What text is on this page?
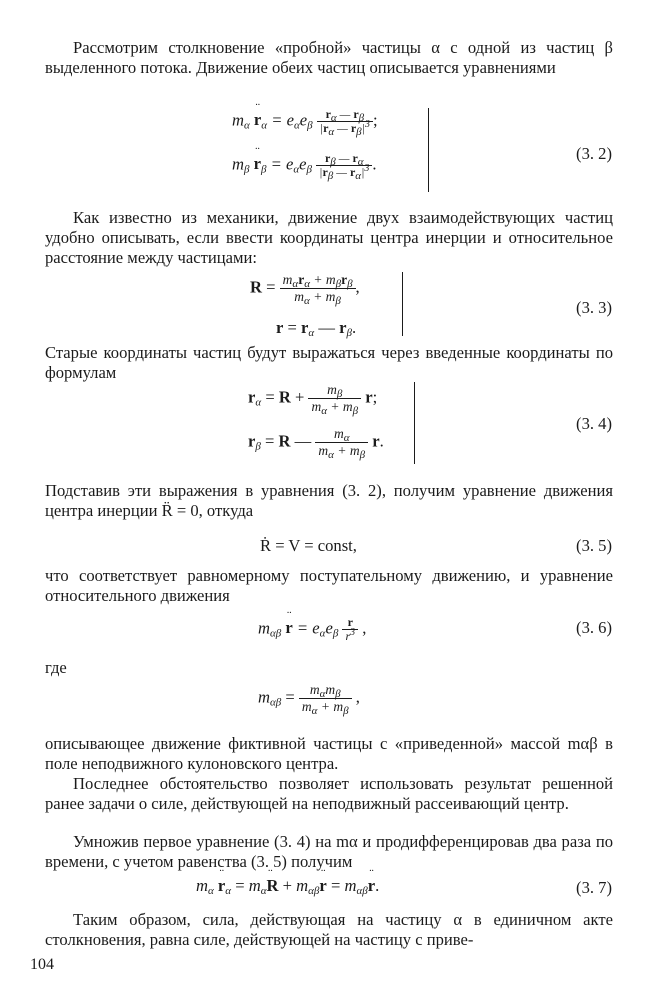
Рассмотрим столкновение «пробной» частицы α с одной из частиц β выделенного потока. Движение обеих частиц описывается уравнениями
$m_\alpha \cdot\cdot r_\alpha = e_\alpha e_\beta \frac{r_\alpha — r_\beta}{|r_\alpha — r_\beta|^3}$ ;
$m_\beta \cdot\cdot r_\beta = e_\alpha e_\beta \frac{r_\beta — r_\alpha}{|r_\beta — r_\alpha|^3}$ .
(3. 2)
Как известно из механики, движение двух взаимодействующих частиц удобно описывать, если ввести координаты центра инерции и относительное расстояние между частицами:
$R = \frac{m_\alpha r_\alpha + m_\beta r_\beta}{m_\alpha + m_\beta}$ ,
$r = r_\alpha$ — $r_\beta$.
(3. 3)
Старые координаты частиц будут выражаться через введенные координаты по формулам
$r_\alpha = R + \frac{m_\beta}{m_\alpha + m_\beta} r$;
$r_\beta = R$ — $\frac{m_\alpha}{m_\alpha + m_\beta} r$.
(3. 4)
Подставив эти выражения в уравнения (3. 2), получим уравнение движения центра инерции R̈ = 0, откуда
Ṙ = V = const,	(3. 5)
что соответствует равномерному поступательному движению, и уравнение относительного движения
$m_{\alpha\beta} \cdot\cdot r = e_\alpha e_\beta \frac{r}{r^3}$ ,	(3. 6)
где
$m_{\alpha\beta} = \frac{m_\alpha m_\beta}{m_\alpha + m_\beta}$ ,
описывающее движение фиктивной частицы с «приведенной» массой mαβ в поле неподвижного кулоновского центра.
Последнее обстоятельство позволяет использовать результат решенной ранее задачи о силе, действующей на неподвижный рассеивающий центр.
Умножив первое уравнение (3. 4) на mα и продифференцировав два раза по времени, с учетом равенства (3. 5) получим
$m_\alpha \cdot\cdot r_\alpha = m_\alpha\cdot\cdot R + m_{\alpha\beta}\cdot\cdot r = m_{\alpha\beta}\cdot\cdot r$.	(3. 7)
Таким образом, сила, действующая на частицу α в единичном акте столкновения, равна силе, действующей на частицу с приве-
104
